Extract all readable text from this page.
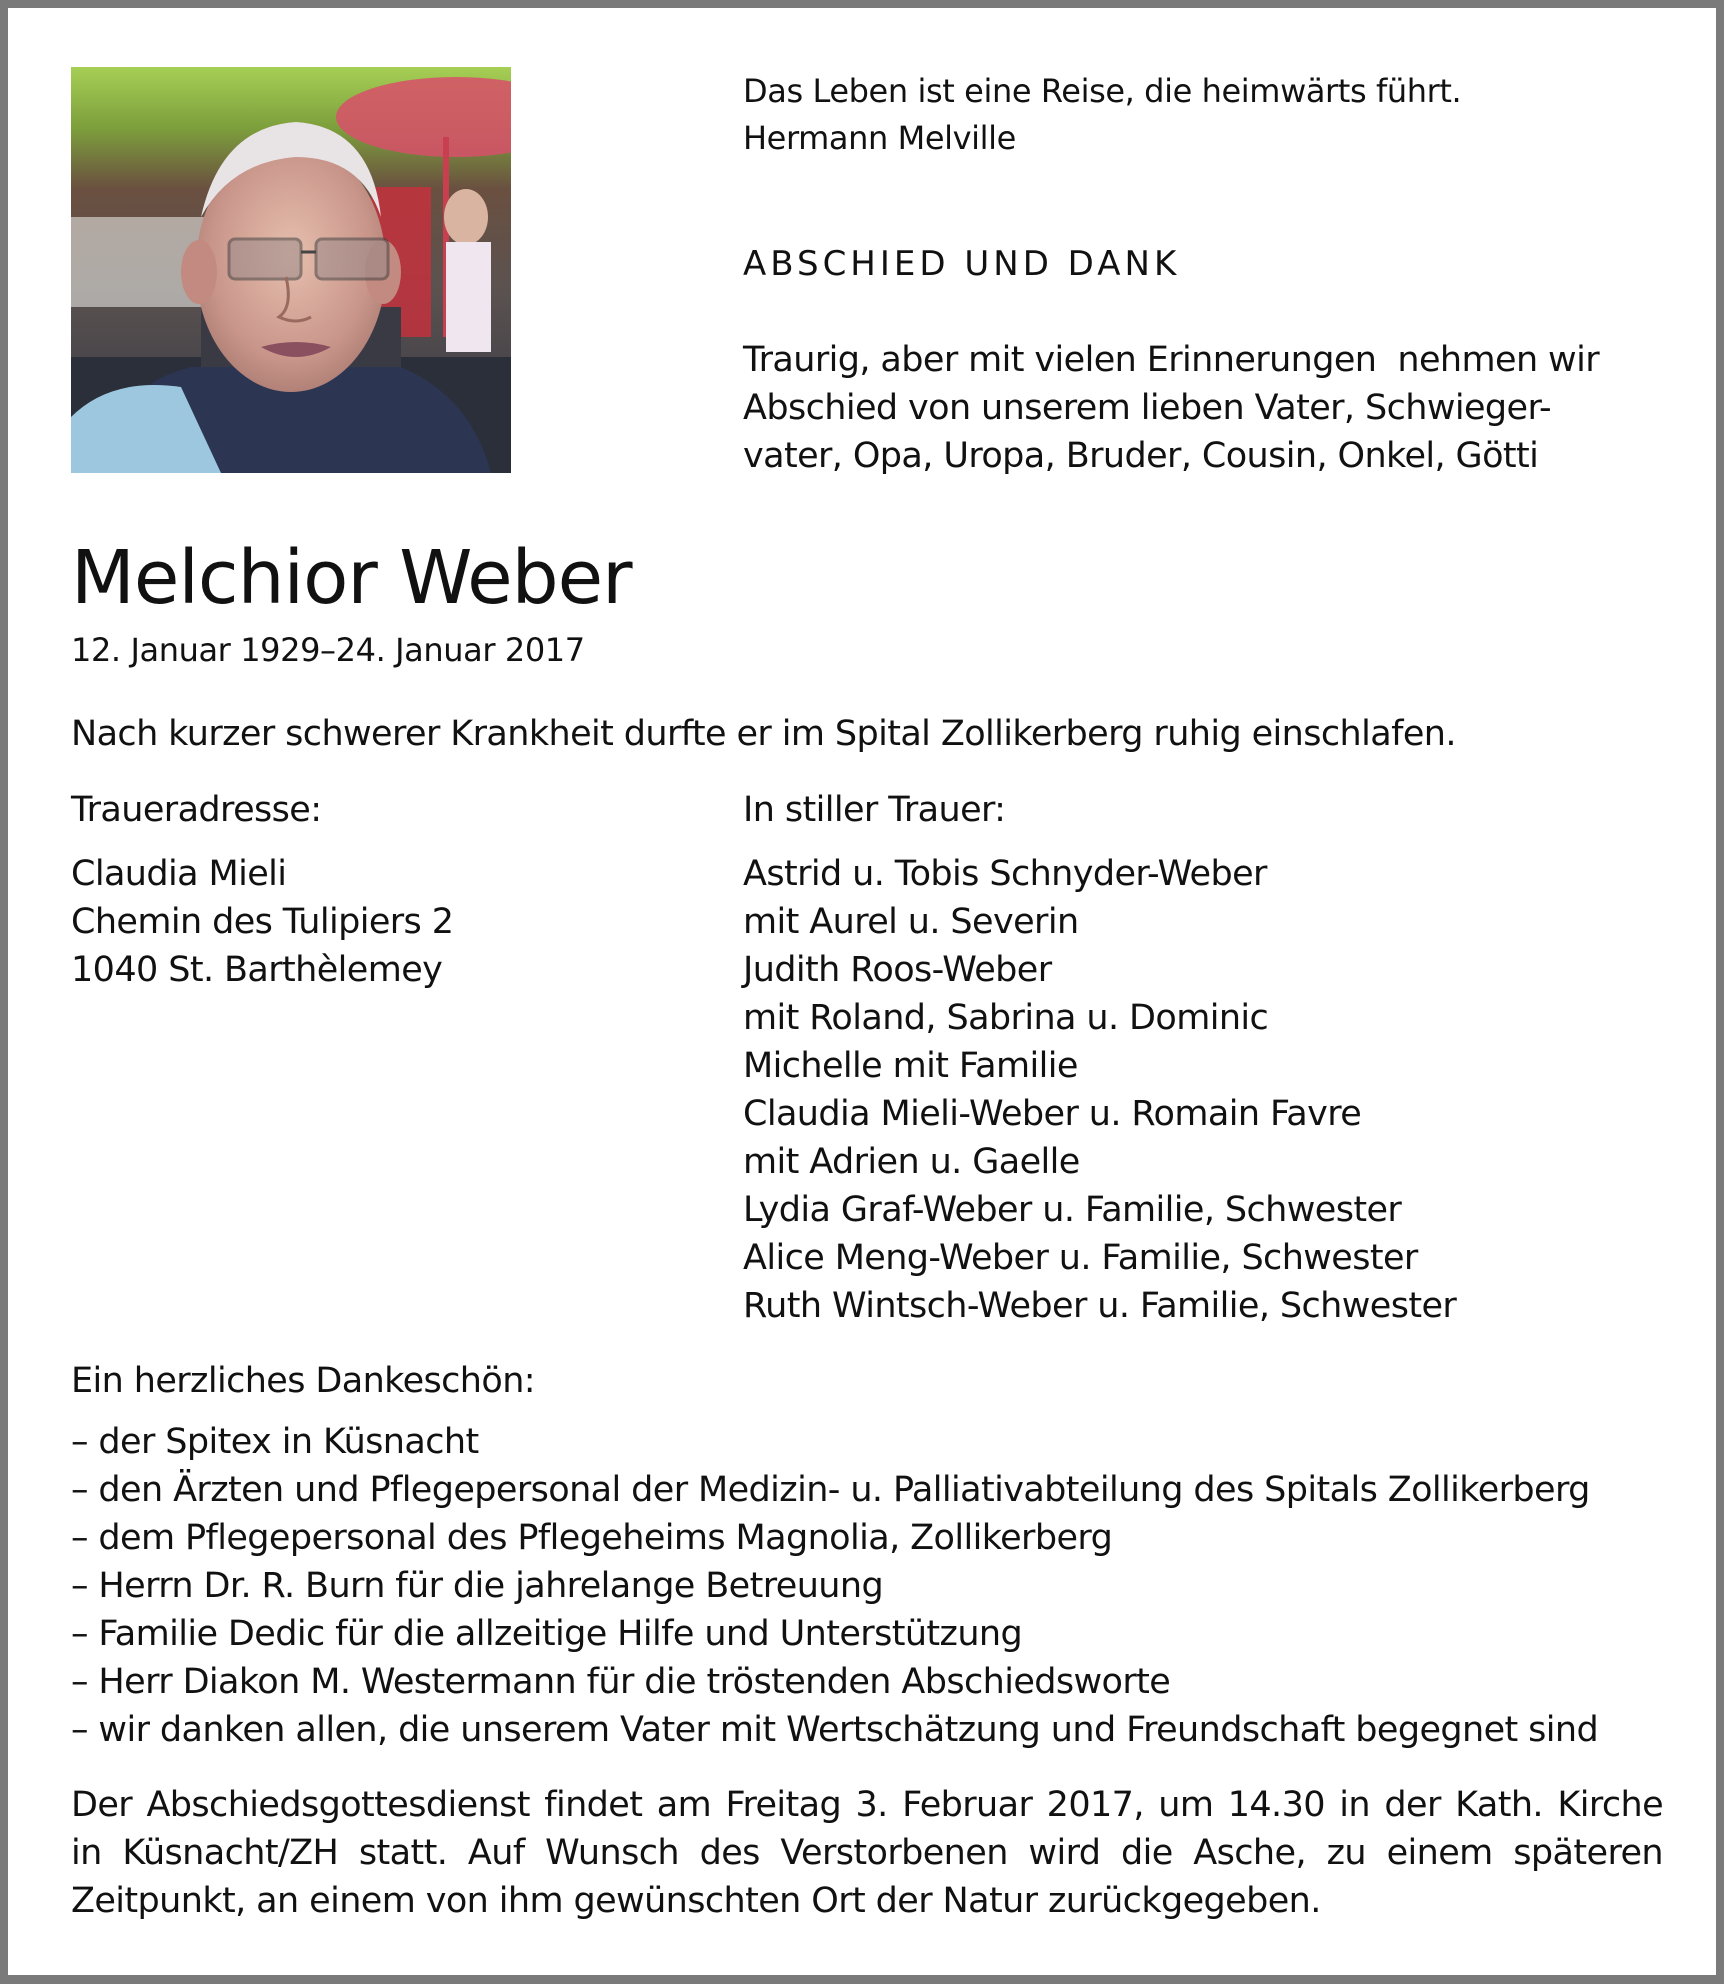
Das Leben ist eine Reise, die heimwärts führt.
Hermann Melville
ABSCHIED UND DANK
Traurig, aber mit vielen Erinnerungen  nehmen wir
Abschied von unserem lieben Vater, Schwieger-
vater, Opa, Uropa, Bruder, Cousin, Onkel, Götti
Melchior Weber
12. Januar 1929–24. Januar 2017
Nach kurzer schwerer Krankheit durfte er im Spital Zollikerberg ruhig einschlafen.
Traueradresse:
Claudia Mieli
Chemin des Tulipiers 2
1040 St. Barthèlemey
In stiller Trauer:
Astrid u. Tobis Schnyder-Weber
mit Aurel u. Severin
Judith Roos-Weber
mit Roland, Sabrina u. Dominic
Michelle mit Familie
Claudia Mieli-Weber u. Romain Favre
mit Adrien u. Gaelle
Lydia Graf-Weber u. Familie, Schwester
Alice Meng-Weber u. Familie, Schwester
Ruth Wintsch-Weber u. Familie, Schwester
Ein herzliches Dankeschön:
– der Spitex in Küsnacht
– den Ärzten und Pflegepersonal der Medizin- u. Palliativabteilung des Spitals Zollikerberg
– dem Pflegepersonal des Pflegeheims Magnolia, Zollikerberg
– Herrn Dr. R. Burn für die jahrelange Betreuung
– Familie Dedic für die allzeitige Hilfe und Unterstützung
– Herr Diakon M. Westermann für die tröstenden Abschiedsworte
– wir danken allen, die unserem Vater mit Wertschätzung und Freundschaft begegnet sind
Der Abschiedsgottesdienst findet am Freitag 3. Februar 2017, um 14.30 in der Kath. Kirche
in Küsnacht/ZH statt. Auf Wunsch des Verstorbenen wird die Asche, zu einem späteren
Zeitpunkt, an einem von ihm gewünschten Ort der Natur zurückgegeben.
